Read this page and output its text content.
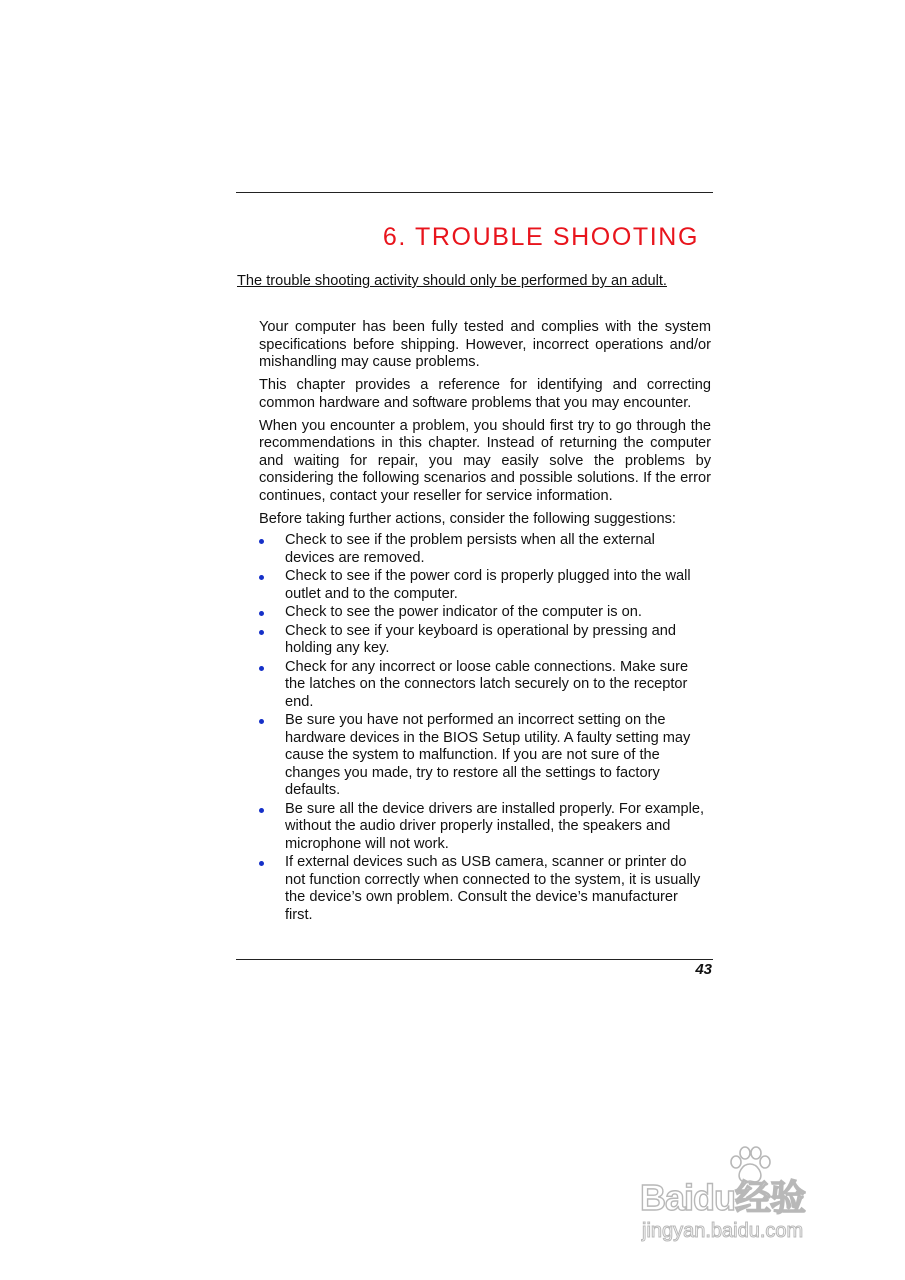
6. TROUBLE SHOOTING

The trouble shooting activity should only be performed by an adult.

Your computer has been fully tested and complies with the system specifications before shipping. However, incorrect operations and/or mishandling may cause problems.

This chapter provides a reference for identifying and correcting common hardware and software problems that you may encounter.

When you encounter a problem, you should first try to go through the recommendations in this chapter. Instead of returning the computer and waiting for repair, you may easily solve the problems by considering the following scenarios and possible solutions. If the error continues, contact your reseller for service information.

Before taking further actions, consider the following suggestions:

Check to see if the problem persists when all the external devices are removed.
Check to see if the power cord is properly plugged into the wall outlet and to the computer.
Check to see the power indicator of the computer is on.
Check to see if your keyboard is operational by pressing and holding any key.
Check for any incorrect or loose cable connections. Make sure the latches on the connectors latch securely on to the receptor end.
Be sure you have not performed an incorrect setting on the hardware devices in the BIOS Setup utility. A faulty setting may cause the system to malfunction. If you are not sure of the changes you made, try to restore all the settings to factory defaults.
Be sure all the device drivers are installed properly. For example, without the audio driver properly installed, the speakers and microphone will not work.
If external devices such as USB camera, scanner or printer do not function correctly when connected to the system, it is usually the device’s own problem. Consult the device’s manufacturer first.

43

Baidu经验
jingyan.baidu.com
